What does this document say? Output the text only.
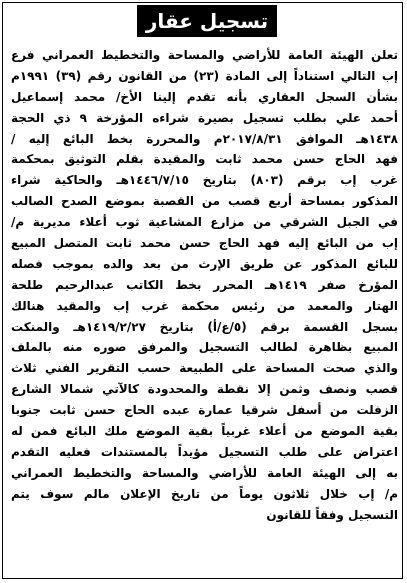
تسجيل عقار
تعلن الهيئة العامة للأراضي والمساحة والتخطيط العمراني فرع
إب التالي استناداً إلى المادة (٢٣) من القانون رقم (٣٩) ١٩٩١م
بشأن السجل العقاري بأنه تقدم إلينا الأخ/ محمد إسماعيل
أحمد علي بطلب تسجيل بصيرة شراءه المؤرخة ٩ ذي الحجة
١٤٣٨هـ الموافق ٢٠١٧/٨/٣١م والمحررة بخط البائع إليه /
فهد الحاج حسن محمد ثابت والمقيدة بقلم التوثيق بمحكمة
غرب إب برقم (٨٠٣) بتاريخ ١٤٤٦/٧/١٥هـ والحاكية شراء
المذكور بمساحة أربع قصب من القصبة بموضع الصدح الصالب
في الجبل الشرقي من مزارع المشاعية ثوب أعلاء مديرية م/
إب من البائع إليه فهد الحاج حسن محمد ثابت المتصل المبيع
للبائع المذكور عن طريق الإرث من بعد والده بموجب فصله
المؤرخ صفر ١٤١٩هـ المحرر بخط الكاتب عبدالرحيم طلحة
الهتار والمعمد من رئيس محكمة غرب إب والمقيد هنالك
بسجل القسمة برقم (٥/ع/أ) بتاريخ ١٤١٩/٢/٢٧هـ والمنكت
المبيع بظاهرة لطالب التسجيل والمرفق صوره منه بالملف
والذي صحت المساحة على الطبيعة حسب التقرير الفني ثلاث
قصب ونصف وثمن إلا نقطة والمحدودة كالآتي شمالا الشارع
الزفلت من أسفل شرقيا عمارة عبده الحاج حسن ثابت جنوبا
بقية الموضع من أعلاء غربياً بقية الموضع ملك البائع فمن له
اعتراض على طلب التسجيل مؤيداً بالمستندات فعليه التقدم
به إلى الهيئة العامة للأراضي والمساحة والتخطيط العمراني
م/ إب خلال ثلاثون يوماً من تاريخ الإعلان مالم سوف يتم
التسجيل وفقاً للقانون
